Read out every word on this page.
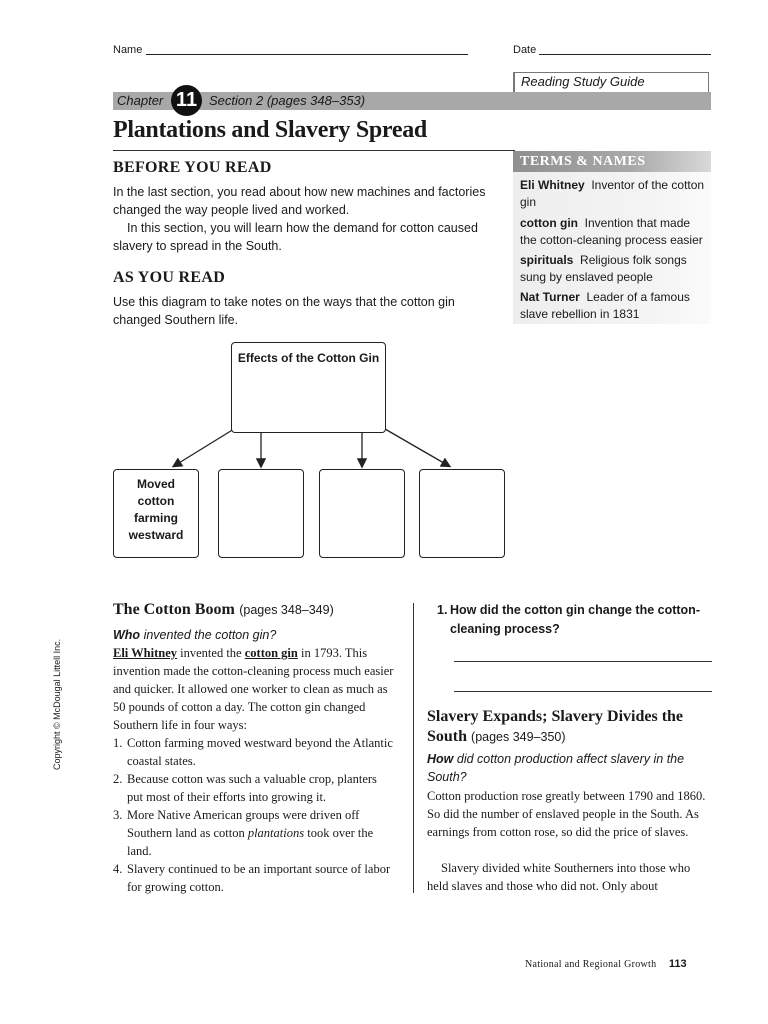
Name	Date
Reading Study Guide
Chapter	Section 2 (pages 348–353)
11
Plantations and Slavery Spread
BEFORE YOU READ
In the last section, you read about how new machines and factories changed the way people lived and worked.
In this section, you will learn how the demand for cotton caused slavery to spread in the South.
AS YOU READ
Use this diagram to take notes on the ways that the cotton gin changed Southern life.
TERMS & NAMES
Eli Whitney Inventor of the cotton gin
cotton gin Invention that made the cotton-cleaning process easier
spirituals Religious folk songs sung by enslaved people
Nat Turner Leader of a famous slave rebellion in 1831
Effects of the Cotton Gin
Moved cotton farming westward
Copyright © McDougal Littell Inc.
The Cotton Boom (pages 348–349)
Who invented the cotton gin?
Eli Whitney invented the cotton gin in 1793. This invention made the cotton-cleaning process much easier and quicker. It allowed one worker to clean as much as 50 pounds of cotton a day. The cotton gin changed Southern life in four ways:
1. Cotton farming moved westward beyond the Atlantic coastal states.
2. Because cotton was such a valuable crop, planters put most of their efforts into growing it.
3. More Native American groups were driven off Southern land as cotton plantations took over the land.
4. Slavery continued to be an important source of labor for growing cotton.
1. How did the cotton gin change the cotton-cleaning process?
Slavery Expands; Slavery Divides the South (pages 349–350)
How did cotton production affect slavery in the South?
Cotton production rose greatly between 1790 and 1860. So did the number of enslaved people in the South. As earnings from cotton rose, so did the price of slaves.
Slavery divided white Southerners into those who held slaves and those who did not. Only about
National and Regional Growth 113
